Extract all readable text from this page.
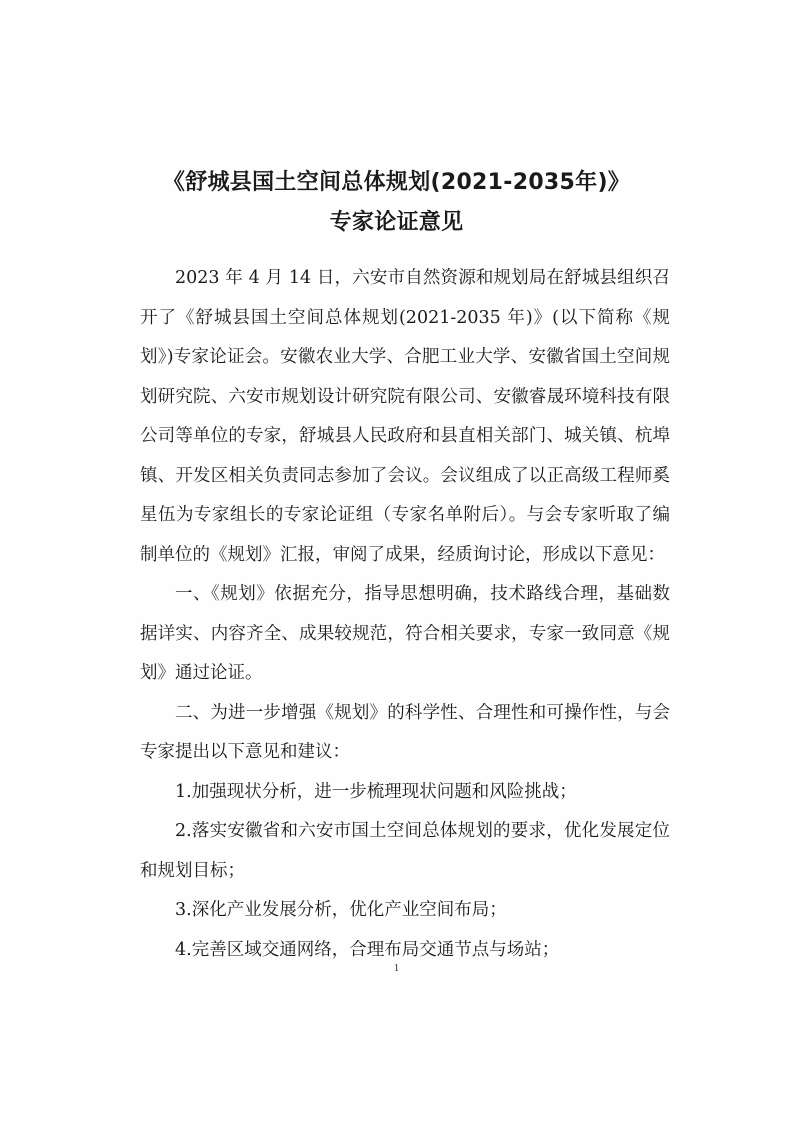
《舒城县国土空间总体规划(2021-2035年)》
专家论证意见

2023 年 4 月 14 日，六安市自然资源和规划局在舒城县组织召开了《舒城县国土空间总体规划(2021-2035 年)》(以下简称《规划》)专家论证会。安徽农业大学、合肥工业大学、安徽省国土空间规划研究院、六安市规划设计研究院有限公司、安徽睿晟环境科技有限公司等单位的专家，舒城县人民政府和县直相关部门、城关镇、杭埠镇、开发区相关负责同志参加了会议。会议组成了以正高级工程师奚星伍为专家组长的专家论证组（专家名单附后）。与会专家听取了编制单位的《规划》汇报，审阅了成果，经质询讨论，形成以下意见：

一、《规划》依据充分，指导思想明确，技术路线合理，基础数据详实、内容齐全、成果较规范，符合相关要求，专家一致同意《规划》通过论证。

二、为进一步增强《规划》的科学性、合理性和可操作性，与会专家提出以下意见和建议：

1.加强现状分析，进一步梳理现状问题和风险挑战；

2.落实安徽省和六安市国土空间总体规划的要求，优化发展定位和规划目标；

3.深化产业发展分析，优化产业空间布局；

4.完善区域交通网络，合理布局交通节点与场站；

1
